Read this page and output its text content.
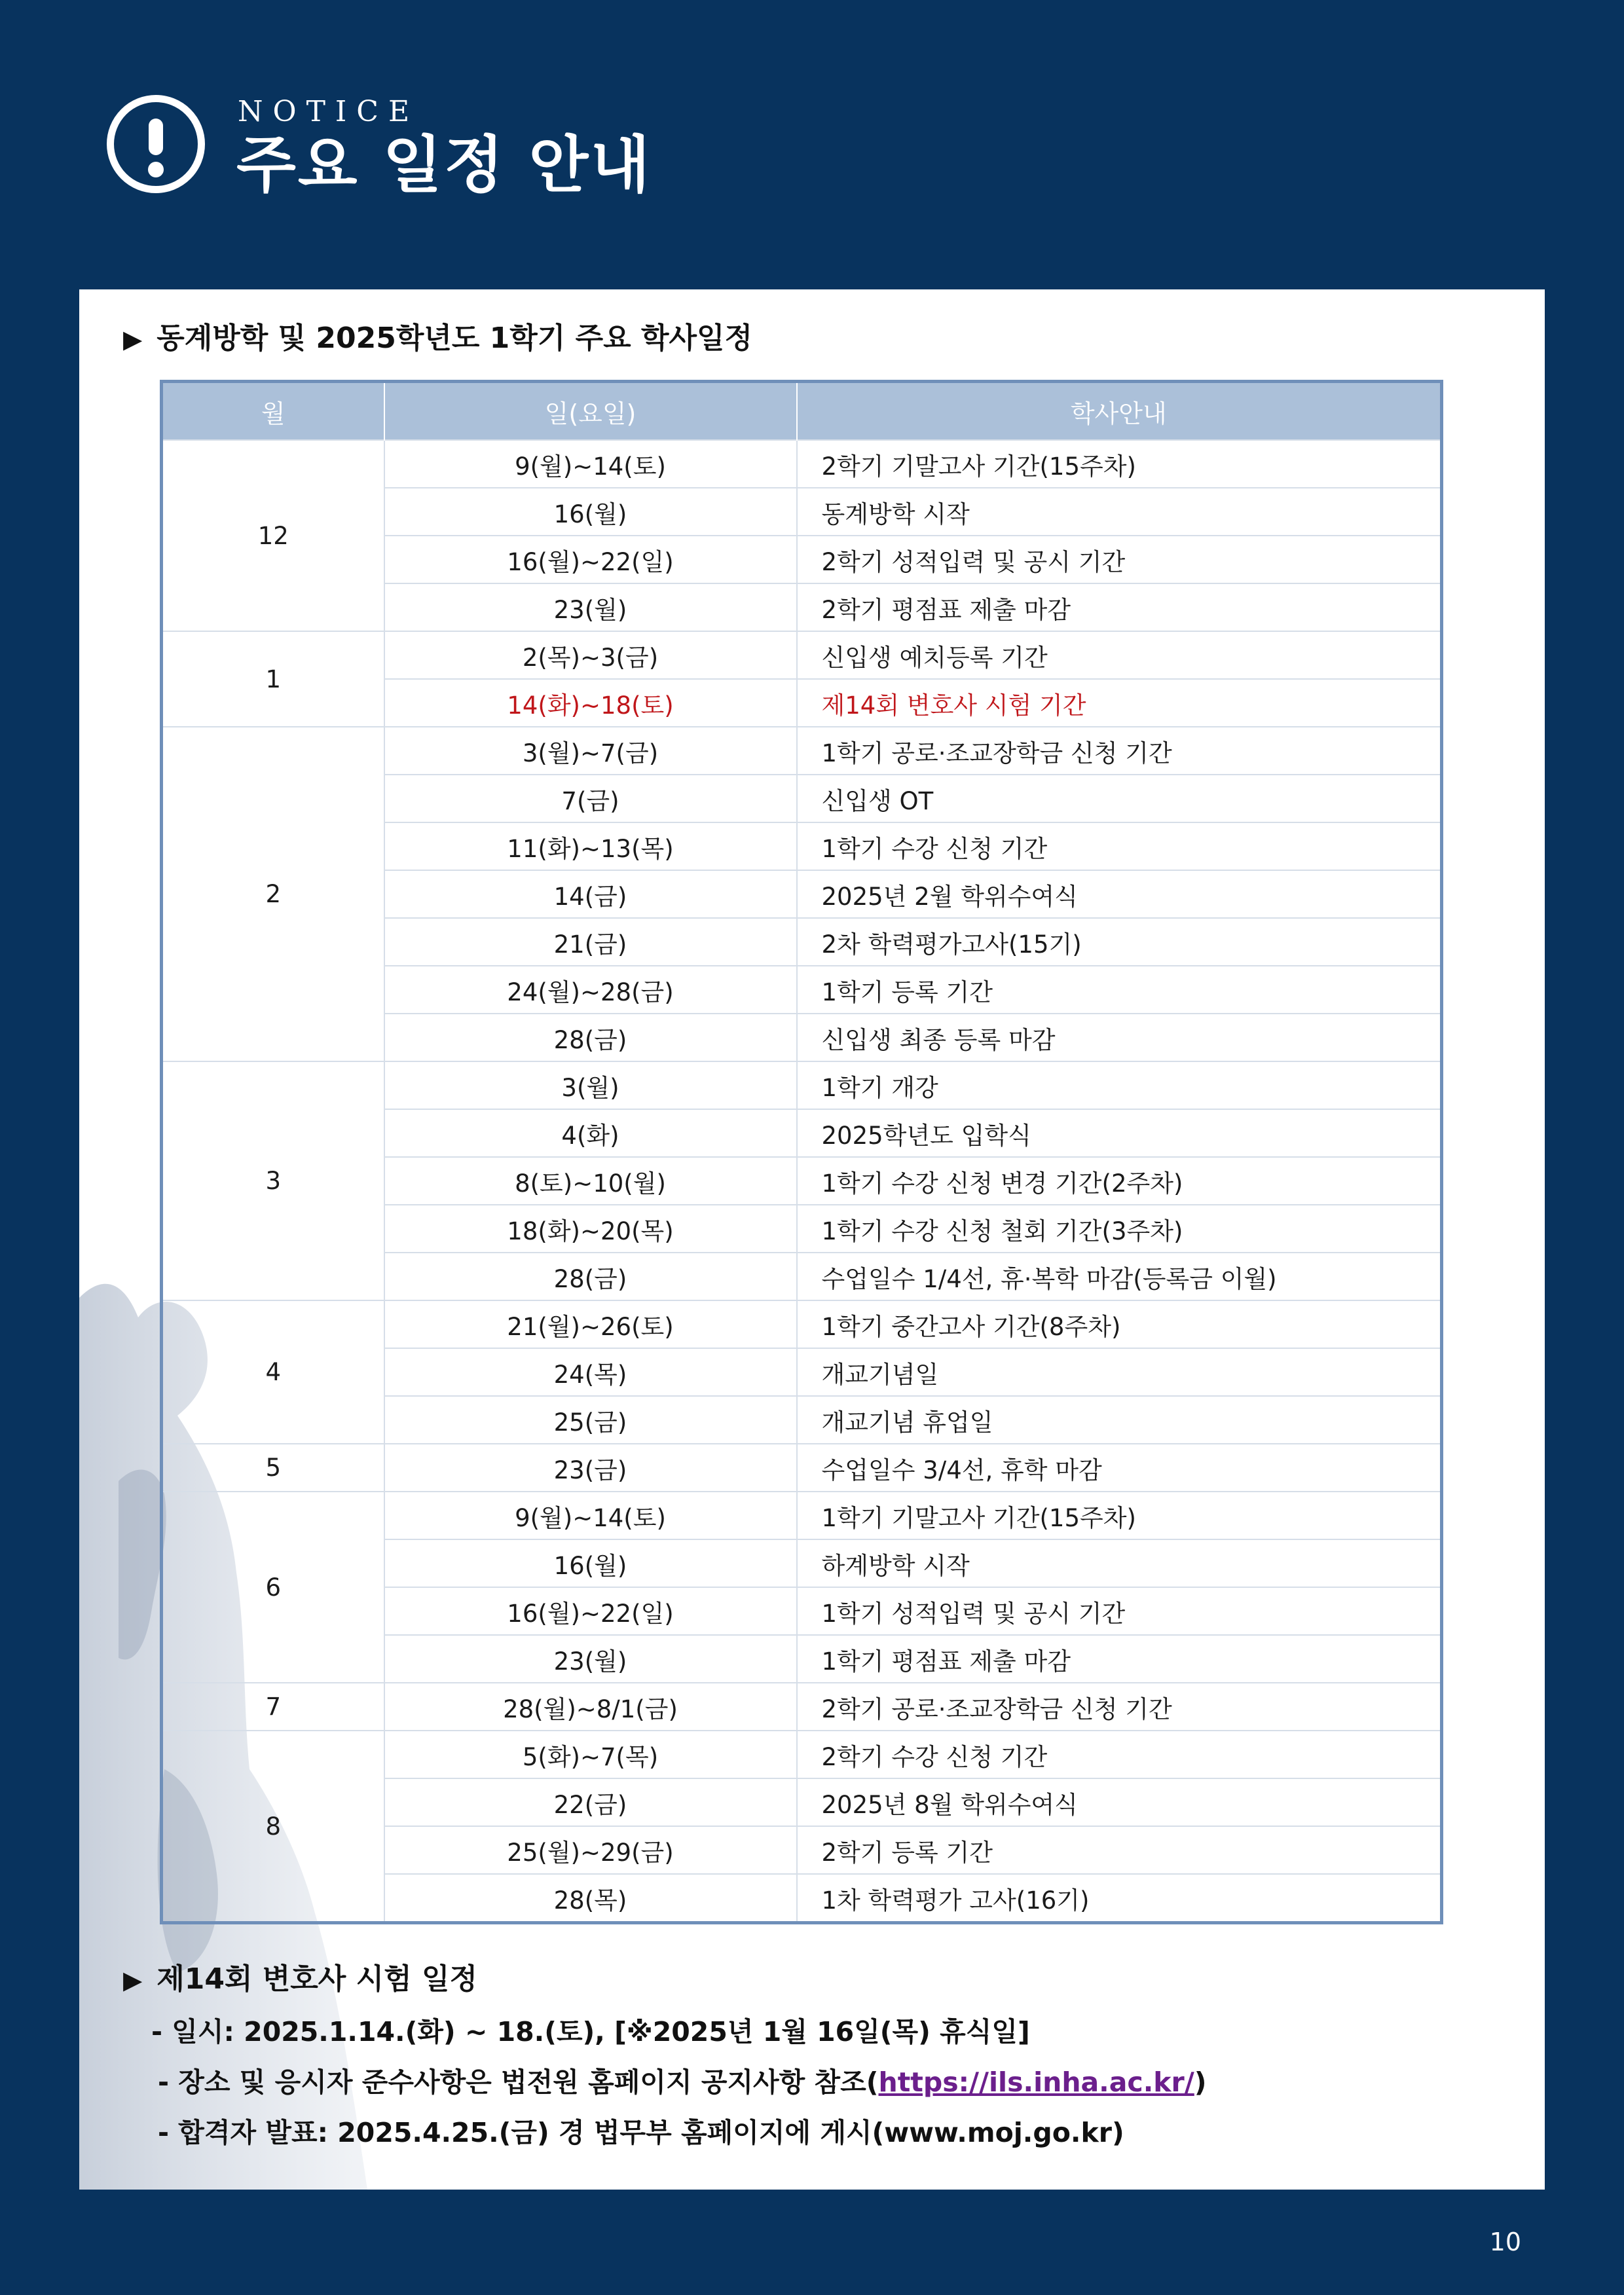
NOTICE
주요 일정 안내
▶ 동계방학 및 2025학년도 1학기 주요 학사일정
월	일(요일)	학사안내
12	9(월)~14(토)	2학기 기말고사 기간(15주차)
	16(월)	동계방학 시작
	16(월)~22(일)	2학기 성적입력 및 공시 기간
	23(월)	2학기 평점표 제출 마감
1	2(목)~3(금)	신입생 예치등록 기간
	14(화)~18(토)	제14회 변호사 시험 기간
2	3(월)~7(금)	1학기 공로·조교장학금 신청 기간
	7(금)	신입생 OT
	11(화)~13(목)	1학기 수강 신청 기간
	14(금)	2025년 2월 학위수여식
	21(금)	2차 학력평가고사(15기)
	24(월)~28(금)	1학기 등록 기간
	28(금)	신입생 최종 등록 마감
3	3(월)	1학기 개강
	4(화)	2025학년도 입학식
	8(토)~10(월)	1학기 수강 신청 변경 기간(2주차)
	18(화)~20(목)	1학기 수강 신청 철회 기간(3주차)
	28(금)	수업일수 1/4선, 휴·복학 마감(등록금 이월)
4	21(월)~26(토)	1학기 중간고사 기간(8주차)
	24(목)	개교기념일
	25(금)	개교기념 휴업일
5	23(금)	수업일수 3/4선, 휴학 마감
6	9(월)~14(토)	1학기 기말고사 기간(15주차)
	16(월)	하계방학 시작
	16(월)~22(일)	1학기 성적입력 및 공시 기간
	23(월)	1학기 평점표 제출 마감
7	28(월)~8/1(금)	2학기 공로·조교장학금 신청 기간
8	5(화)~7(목)	2학기 수강 신청 기간
	22(금)	2025년 8월 학위수여식
	25(월)~29(금)	2학기 등록 기간
	28(목)	1차 학력평가 고사(16기)
▶ 제14회 변호사 시험 일정
- 일시: 2025.1.14.(화) ~ 18.(토), [※2025년 1월 16일(목) 휴식일]
- 장소 및 응시자 준수사항은 법전원 홈페이지 공지사항 참조(https://ils.inha.ac.kr/)
- 합격자 발표: 2025.4.25.(금) 경 법무부 홈페이지에 게시(www.moj.go.kr)
10
